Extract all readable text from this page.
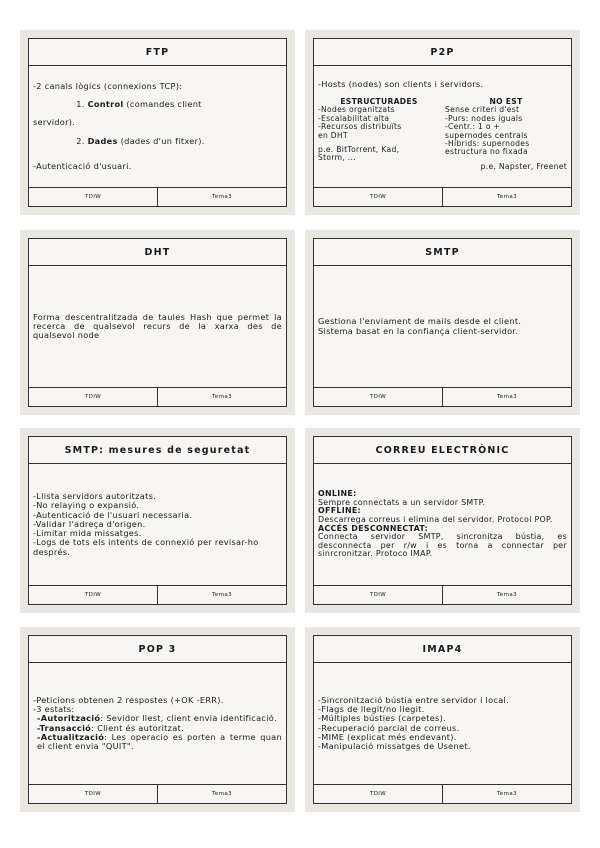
FTP
-2 canals lògics (connexions TCP):

1. Control (comandes client

servidor).

2. Dades (dades d'un fitxer).

-Autenticació d'usuari.
TDIW	Tema3
P2P
-Hosts (nodes) son clients i servidors.
ESTRUCTURADES
-Nodes organitzats
-Escalabilitat alta
-Recursos distribuïts
en DHT
p.e. BitTorrent, Kad,
Storm, ...
NO EST
Sense criteri d'est
-Purs: nodes iguals
-Centr.: 1 o +
supernodes centrals
-Híbrids: supernodes
estructura no fixada
p.e. Napster, Freenet
TDIW	Tema3
DHT
Forma descentralitzada de taules Hash que permet la recerca de qualsevol recurs de la xarxa des de qualsevol node
TDIW	Tema3
SMTP
Gestiona l'enviament de mails desde el client.
Sistema basat en la confiança client-servidor.
TDIW	Tema3
SMTP: mesures de seguretat
-Llista servidors autoritzats.
-No relaying o expansió.
-Autenticació de l'usuari necessaria.
-Validar l'adreça d'origen.
-Limitar mida missatges.
-Logs de tots els intents de connexió per revisar-ho després.
TDIW	Tema3
CORREU ELECTRÒNIC
ONLINE:
Sempre connectats a un servidor SMTP.
OFFLINE:
Descarrega correus i elimina del servidor. Protocol POP.
ACCÉS DESCONNECTAT:
Connecta servidor SMTP, sincronitza bústia, es desconnecta per r/w i es torna a connectar per sinrcronitzar. Protoco IMAP.
TDIW	Tema3
POP 3
-Peticions obtenen 2 respostes (+OK -ERR).
-3 estats:
-Autorització: Sevidor llest, client envia identificació.
-Transacció: Client és autoritzat.
-Actualització: Les operacio es porten a terme quan el client envia "QUIT".
TDIW	Tema3
IMAP4
-Sincronització bústia entre servidor i local.
-Flags de llegit/no llegit.
-Múltiples bústies (carpetes).
-Recuperació parcial de correus.
-MIME (explicat més endevant).
-Manipulació missatges de Usenet.
TDIW	Tema3
